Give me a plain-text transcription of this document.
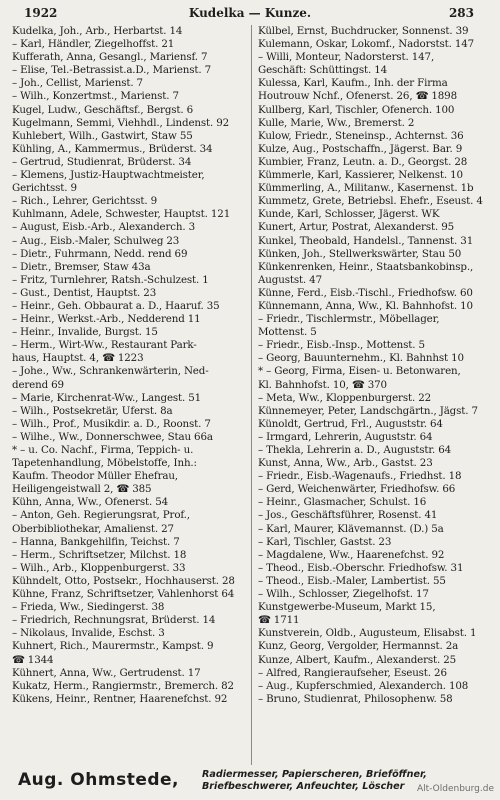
1922	Kudelka — Kunze.	283
Kudelka, Joh., Arb., Herbartst. 14
– Karl, Händler, Ziegelhoffst. 21
Kufferath, Anna, Gesangl., Mariensf. 7
– Elise, Tel.-Betrassist.a.D., Marienst. 7
– Joh., Cellist, Marienst. 7
– Wilh., Konzertmst., Marienst. 7
Kugel, Ludw., Geschäftsf., Bergst. 6
Kugelmann, Semmi, Viehhdl., Lindenst. 92
Kuhlebert, Wilh., Gastwirt, Staw 55
Kühling, A., Kammermus., Brüderst. 34
– Gertrud, Studienrat, Brüderst. 34
– Klemens, Justiz-Hauptwachtmeister,
Gerichtsst. 9
– Rich., Lehrer, Gerichtsst. 9
Kuhlmann, Adele, Schwester, Hauptst. 121
– August, Eisb.-Arb., Alexanderch. 3
– Aug., Eisb.-Maler, Schulweg 23
– Dietr., Fuhrmann, Nedd. rend 69
– Dietr., Bremser, Staw 43a
– Fritz, Turnlehrer, Ratsh.-Schulzest. 1
– Gust., Dentist, Hauptst. 23
– Heinr., Geh. Obbaurat a. D., Haaruf. 35
– Heinr., Werkst.-Arb., Nedderend 11
– Heinr., Invalide, Burgst. 15
– Herm., Wirt-Ww., Restaurant Park-
haus, Hauptst. 4, ☎ 1223
– Johe., Ww., Schrankenwärterin, Ned-
derend 69
– Marie, Kirchenrat-Ww., Langest. 51
– Wilh., Postsekretär, Uferst. 8a
– Wilh., Prof., Musikdir. a. D., Roonst. 7
– Wilhe., Ww., Donnerschwee, Stau 66a
* – u. Co. Nachf., Firma, Teppich- u.
Tapetenhandlung, Möbelstoffe, Inh.:
Kaufm. Theodor Müller Ehefrau,
Heiligengeistwall 2, ☎ 385
Kühn, Anna, Ww., Ofenerst. 54
– Anton, Geh. Regierungsrat, Prof.,
Oberbibliothekar, Amalienst. 27
– Hanna, Bankgehilfin, Teichst. 7
– Herm., Schriftsetzer, Milchst. 18
– Wilh., Arb., Kloppenburgerst. 33
Kühndelt, Otto, Postsekr., Hochhauserst. 28
Kühne, Franz, Schriftsetzer, Vahlenhorst 64
– Frieda, Ww., Siedingerst. 38
– Friedrich, Rechnungsrat, Brüderst. 14
– Nikolaus, Invalide, Eschst. 3
Kuhnert, Rich., Maurermstr., Kampst. 9
☎ 1344
Kühnert, Anna, Ww., Gertrudenst. 17
Kukatz, Herm., Rangiermstr., Bremerch. 82
Kükens, Heinr., Rentner, Haarenefchst. 92
Külbel, Ernst, Buchdrucker, Sonnenst. 39
Kulemann, Oskar, Lokomf., Nadorstst. 147
– Willi, Monteur, Nadorsterst. 147,
Geschäft: Schüttingst. 14
Kulessa, Karl, Kaufm., Inh. der Firma
Houtrouw Nchf., Ofenerst. 26, ☎ 1898
Kullberg, Karl, Tischler, Ofenerch. 100
Kulle, Marie, Ww., Bremerst. 2
Kulow, Friedr., Steneinsp., Achternst. 36
Kulze, Aug., Postschaffn., Jägerst. Bar. 9
Kumbier, Franz, Leutn. a. D., Georgst. 28
Kümmerle, Karl, Kassierer, Nelkenst. 10
Kümmerling, A., Militanw., Kasernenst. 1b
Kummetz, Grete, Betriebsl. Ehefr., Eseust. 4
Kunde, Karl, Schlosser, Jägerst. WK
Kunert, Artur, Postrat, Alexanderst. 95
Kunkel, Theobald, Handelsl., Tannenst. 31
Künken, Joh., Stellwerkswärter, Stau 50
Künkenrenken, Heinr., Staatsbankobinsp.,
Augustst. 47
Künne, Ferd., Eisb.-Tischl., Friedhofsw. 60
Künnemann, Anna, Ww., Kl. Bahnhofst. 10
– Friedr., Tischlermstr., Möbellager,
Mottenst. 5
– Friedr., Eisb.-Insp., Mottenst. 5
– Georg, Bauunternehm., Kl. Bahnhst 10
* – Georg, Firma, Eisen- u. Betonwaren,
Kl. Bahnhofst. 10, ☎ 370
– Meta, Ww., Kloppenburgerst. 22
Künnemeyer, Peter, Landschgärtn., Jägst. 7
Künoldt, Gertrud, Frl., Auguststr. 64
– Irmgard, Lehrerin, Auguststr. 64
– Thekla, Lehrerin a. D., Auguststr. 64
Kunst, Anna, Ww., Arb., Gastst. 23
– Friedr., Eisb.-Wagenaufs., Friedhst. 18
– Gerd, Weichenwärter, Friedhofsw. 66
– Heinr., Glasmacher, Schulst. 16
– Jos., Geschäftsführer, Rosenst. 41
– Karl, Maurer, Klävemannst. (D.) 5a
– Karl, Tischler, Gastst. 23
– Magdalene, Ww., Haarenefchst. 92
– Theod., Eisb.-Oberschr. Friedhofsw. 31
– Theod., Eisb.-Maler, Lambertist. 55
– Wilh., Schlosser, Ziegelhofst. 17
Kunstgewerbe-Museum, Markt 15,
☎ 1711
Kunstverein, Oldb., Augusteum, Elisabst. 1
Kunz, Georg, Vergolder, Hermannst. 2a
Kunze, Albert, Kaufm., Alexanderst. 25
– Alfred, Rangieraufseher, Eseust. 26
– Aug., Kupferschmied, Alexanderch. 108
– Bruno, Studienrat, Philosophenw. 58
Aug. Ohmstede, Radiermesser, Papierscheren, Brieföffner,
Briefbeschwerer, Anfeuchter, Löscher	Alt-Oldenburg.de
